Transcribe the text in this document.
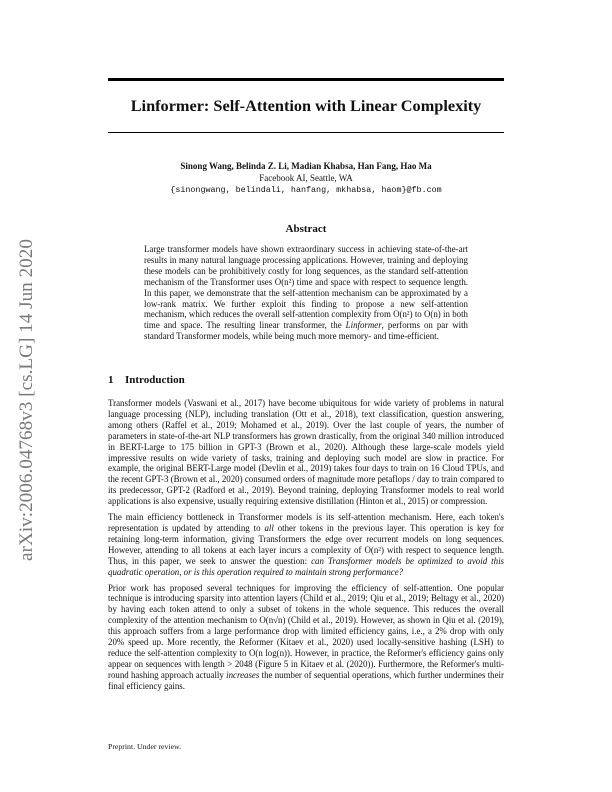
arXiv:2006.04768v3 [cs.LG] 14 Jun 2020
Linformer: Self-Attention with Linear Complexity
Sinong Wang, Belinda Z. Li, Madian Khabsa, Han Fang, Hao Ma
Facebook AI, Seattle, WA
{sinongwang, belindali, hanfang, mkhabsa, haom}@fb.com
Abstract
Large transformer models have shown extraordinary success in achieving state-of-the-art results in many natural language processing applications. However, training and deploying these models can be prohibitively costly for long sequences, as the standard self-attention mechanism of the Transformer uses O(n²) time and space with respect to sequence length. In this paper, we demonstrate that the self-attention mechanism can be approximated by a low-rank matrix. We further exploit this finding to propose a new self-attention mechanism, which reduces the overall self-attention complexity from O(n²) to O(n) in both time and space. The resulting linear transformer, the Linformer, performs on par with standard Transformer models, while being much more memory- and time-efficient.
1 Introduction

Transformer models (Vaswani et al., 2017) have become ubiquitous for wide variety of problems in natural language processing (NLP), including translation (Ott et al., 2018), text classification, question answering, among others (Raffel et al., 2019; Mohamed et al., 2019). Over the last couple of years, the number of parameters in state-of-the-art NLP transformers has grown drastically, from the original 340 million introduced in BERT-Large to 175 billion in GPT-3 (Brown et al., 2020). Although these large-scale models yield impressive results on wide variety of tasks, training and deploying such model are slow in practice. For example, the original BERT-Large model (Devlin et al., 2019) takes four days to train on 16 Cloud TPUs, and the recent GPT-3 (Brown et al., 2020) consumed orders of magnitude more petaflops / day to train compared to its predecessor, GPT-2 (Radford et al., 2019). Beyond training, deploying Transformer models to real world applications is also expensive, usually requiring extensive distillation (Hinton et al., 2015) or compression.

The main efficiency bottleneck in Transformer models is its self-attention mechanism. Here, each token's representation is updated by attending to all other tokens in the previous layer. This operation is key for retaining long-term information, giving Transformers the edge over recurrent models on long sequences. However, attending to all tokens at each layer incurs a complexity of O(n²) with respect to sequence length. Thus, in this paper, we seek to answer the question: can Transformer models be optimized to avoid this quadratic operation, or is this operation required to maintain strong performance?

Prior work has proposed several techniques for improving the efficiency of self-attention. One popular technique is introducing sparsity into attention layers (Child et al., 2019; Qiu et al., 2019; Beltagy et al., 2020) by having each token attend to only a subset of tokens in the whole sequence. This reduces the overall complexity of the attention mechanism to O(n√n) (Child et al., 2019). However, as shown in Qiu et al. (2019), this approach suffers from a large performance drop with limited efficiency gains, i.e., a 2% drop with only 20% speed up. More recently, the Reformer (Kitaev et al., 2020) used locally-sensitive hashing (LSH) to reduce the self-attention complexity to O(n log(n)). However, in practice, the Reformer's efficiency gains only appear on sequences with length > 2048 (Figure 5 in Kitaev et al. (2020)). Furthermore, the Reformer's multi-round hashing approach actually increases the number of sequential operations, which further undermines their final efficiency gains.

Preprint. Under review.
